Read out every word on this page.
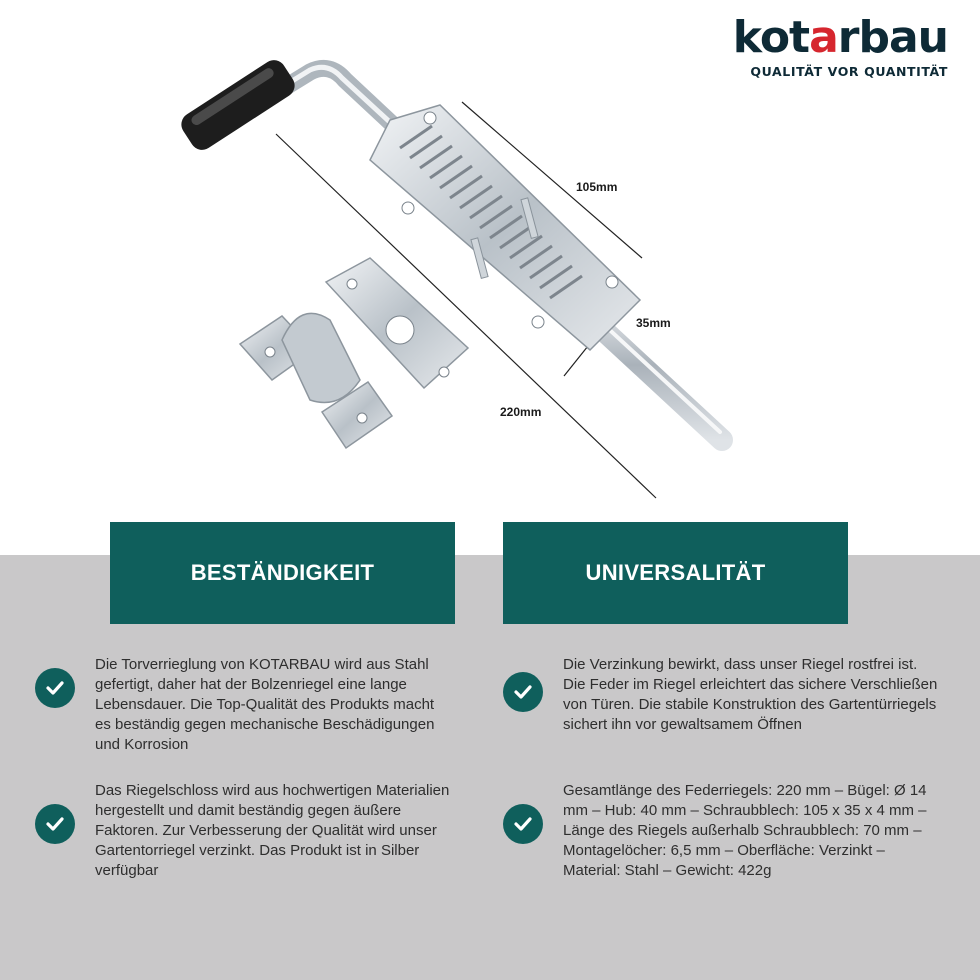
kotarbau
QUALITÄT VOR QUANTITÄT
105mm
35mm
220mm
BESTÄNDIGKEIT	UNIVERSALITÄT
Die Torverrieglung von KOTARBAU wird aus Stahl gefertigt, daher hat der Bolzenriegel eine lange Lebensdauer. Die Top-Qualität des Produkts macht es beständig gegen mechanische Beschädigungen und Korrosion
Das Riegelschloss wird aus hochwertigen Materialien hergestellt und damit beständig gegen äußere Faktoren. Zur Verbesserung der Qualität wird unser Gartentorriegel verzinkt. Das Produkt ist in Silber verfügbar
Die Verzinkung bewirkt, dass unser Riegel rostfrei ist. Die Feder im Riegel erleichtert das sichere Verschließen von Türen. Die stabile Konstruktion des Gartentürriegels sichert ihn vor gewaltsamem Öffnen
Gesamtlänge des Federriegels: 220 mm – Bügel: Ø 14 mm – Hub: 40 mm – Schraubblech: 105 x 35 x 4 mm – Länge des Riegels außerhalb Schraubblech: 70 mm – Montagelöcher: 6,5 mm – Oberfläche: Verzinkt – Material: Stahl – Gewicht: 422g
